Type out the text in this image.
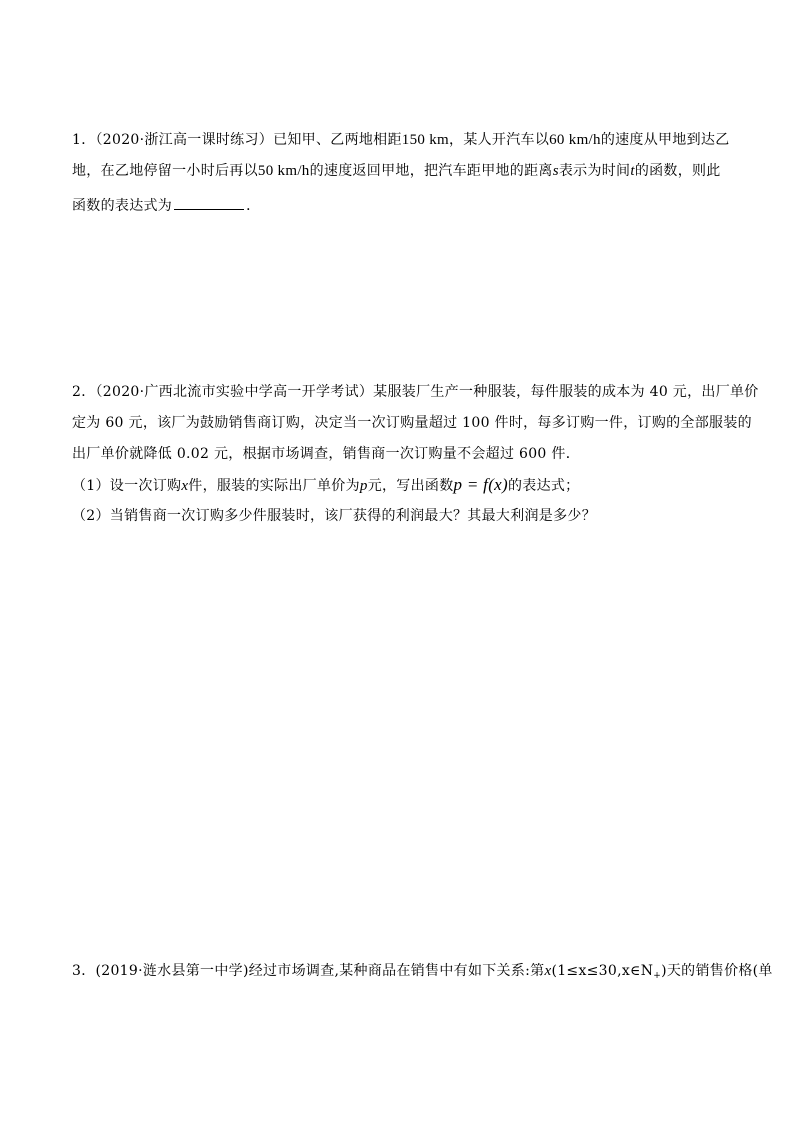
1．（2020·浙江高一课时练习）已知甲、乙两地相距150 km，某人开汽车以60 km/h的速度从甲地到达乙
地，在乙地停留一小时后再以50 km/h的速度返回甲地，把汽车距甲地的距离s表示为时间t的函数，则此
函数的表达式为	．
2．（2020·广西北流市实验中学高一开学考试）某服装厂生产一种服装，每件服装的成本为 40 元，出厂单价
定为 60 元，该厂为鼓励销售商订购，决定当一次订购量超过 100 件时，每多订购一件，订购的全部服装的
出厂单价就降低 0.02 元，根据市场调查，销售商一次订购量不会超过 600 件．
（1）设一次订购x件，服装的实际出厂单价为p元，写出函数p = f(x)的表达式；
（2）当销售商一次订购多少件服装时，该厂获得的利润最大？其最大利润是多少？
3．(2019·涟水县第一中学)经过市场调查,某种商品在销售中有如下关系:第$x(1\le x\le 30,x\in N_+)$天的销售价格(单
